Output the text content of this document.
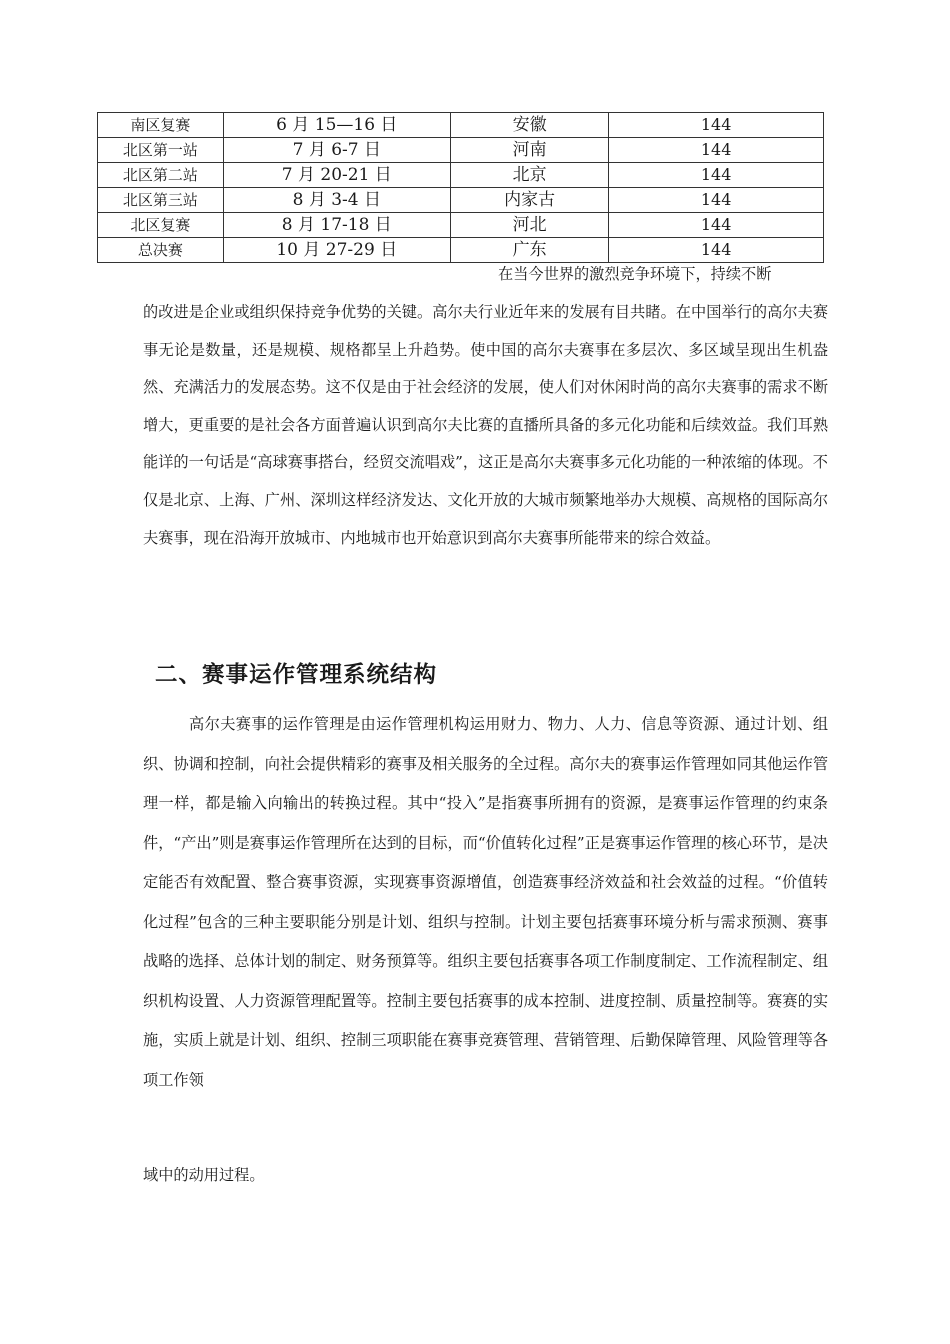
南区复赛	6 月 15—16 日	安徽	144
北区第一站	7 月 6-7 日	河南	144
北区第二站	7 月 20-21 日	北京	144
北区第三站	8 月 3-4 日	内家古	144
北区复赛	8 月 17-18 日	河北	144
总决赛	10 月 27-29 日	广东	144

在当今世界的激烈竞争环境下，持续不断
的改进是企业或组织保持竞争优势的关键。高尔夫行业近年来的发展有目共睹。在中国举行的高尔夫赛事无论是数量，还是规模、规格都呈上升趋势。使中国的高尔夫赛事在多层次、多区域呈现出生机盎然、充满活力的发展态势。这不仅是由于社会经济的发展，使人们对休闲时尚的高尔夫赛事的需求不断增大，更重要的是社会各方面普遍认识到高尔夫比赛的直播所具备的多元化功能和后续效益。我们耳熟能详的一句话是“高球赛事搭台，经贸交流唱戏”，这正是高尔夫赛事多元化功能的一种浓缩的体现。不仅是北京、上海、广州、深圳这样经济发达、文化开放的大城市频繁地举办大规模、高规格的国际高尔夫赛事，现在沿海开放城市、内地城市也开始意识到高尔夫赛事所能带来的综合效益。

二、赛事运作管理系统结构

高尔夫赛事的运作管理是由运作管理机构运用财力、物力、人力、信息等资源、通过计划、组织、协调和控制，向社会提供精彩的赛事及相关服务的全过程。高尔夫的赛事运作管理如同其他运作管理一样，都是输入向输出的转换过程。其中“投入”是指赛事所拥有的资源，是赛事运作管理的约束条件，“产出”则是赛事运作管理所在达到的目标，而“价值转化过程”正是赛事运作管理的核心环节，是决定能否有效配置、整合赛事资源，实现赛事资源增值，创造赛事经济效益和社会效益的过程。“价值转化过程”包含的三种主要职能分别是计划、组织与控制。计划主要包括赛事环境分析与需求预测、赛事战略的选择、总体计划的制定、财务预算等。组织主要包括赛事各项工作制度制定、工作流程制定、组织机构设置、人力资源管理配置等。控制主要包括赛事的成本控制、进度控制、质量控制等。赛赛的实施，实质上就是计划、组织、控制三项职能在赛事竞赛管理、营销管理、后勤保障管理、风险管理等各项工作领

域中的动用过程。
